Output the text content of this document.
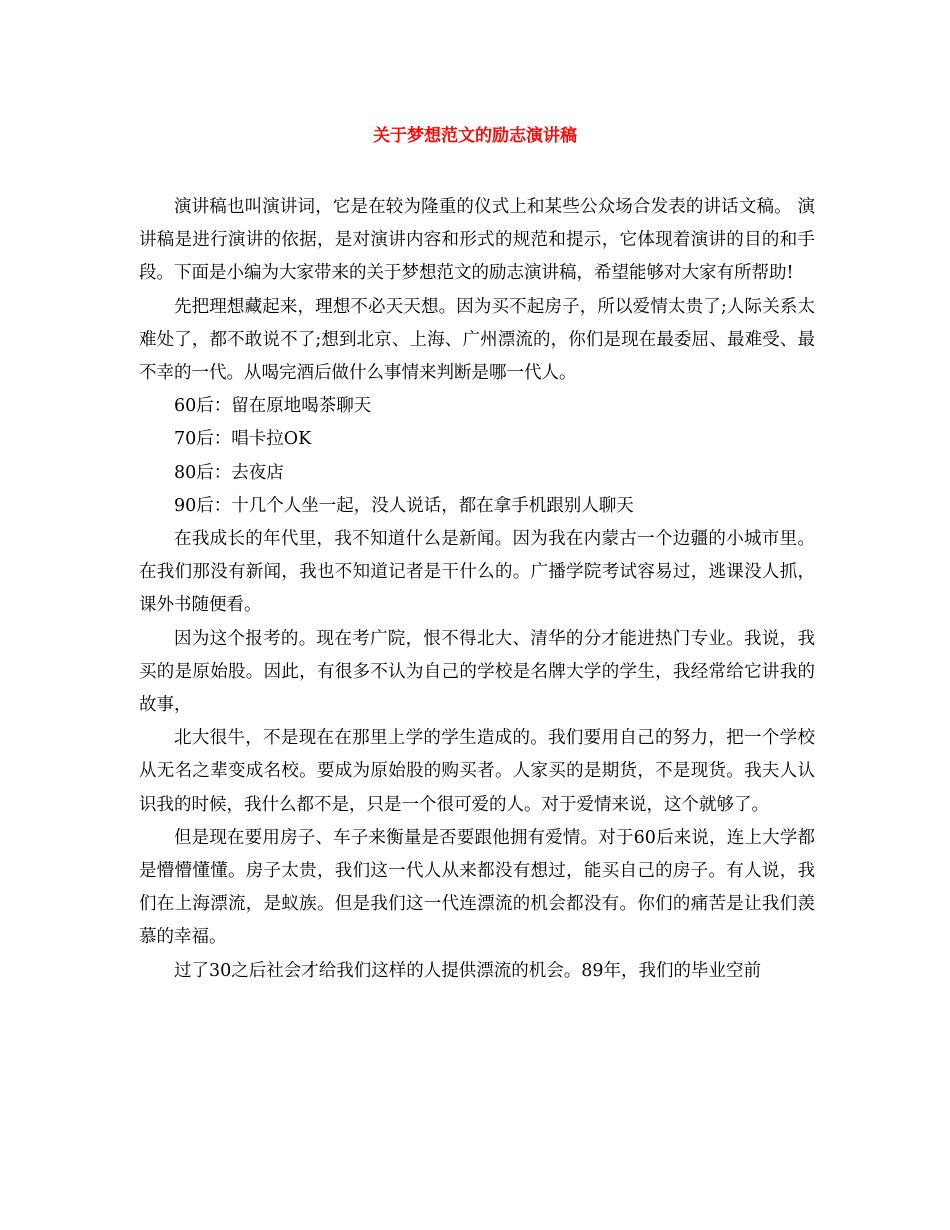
关于梦想范文的励志演讲稿

演讲稿也叫演讲词，它是在较为隆重的仪式上和某些公众场合发表的讲话文稿。 演讲稿是进行演讲的依据，是对演讲内容和形式的规范和提示，它体现着演讲的目的和手段。下面是小编为大家带来的关于梦想范文的励志演讲稿，希望能够对大家有所帮助!

先把理想藏起来，理想不必天天想。因为买不起房子，所以爱情太贵了;人际关系太难处了，都不敢说不了;想到北京、上海、广州漂流的，你们是现在最委屈、最难受、最不幸的一代。从喝完酒后做什么事情来判断是哪一代人。

60后：留在原地喝茶聊天

70后：唱卡拉OK

80后：去夜店

90后：十几个人坐一起，没人说话，都在拿手机跟别人聊天

在我成长的年代里，我不知道什么是新闻。因为我在内蒙古一个边疆的小城市里。在我们那没有新闻，我也不知道记者是干什么的。广播学院考试容易过，逃课没人抓，课外书随便看。

因为这个报考的。现在考广院，恨不得北大、清华的分才能进热门专业。我说，我买的是原始股。因此，有很多不认为自己的学校是名牌大学的学生，我经常给它讲我的故事，

北大很牛，不是现在在那里上学的学生造成的。我们要用自己的努力，把一个学校从无名之辈变成名校。要成为原始股的购买者。人家买的是期货，不是现货。我夫人认识我的时候，我什么都不是，只是一个很可爱的人。对于爱情来说，这个就够了。

但是现在要用房子、车子来衡量是否要跟他拥有爱情。对于60后来说，连上大学都是懵懵懂懂。房子太贵，我们这一代人从来都没有想过，能买自己的房子。有人说，我们在上海漂流，是蚁族。但是我们这一代连漂流的机会都没有。你们的痛苦是让我们羡慕的幸福。

过了30之后社会才给我们这样的人提供漂流的机会。89年，我们的毕业空前
